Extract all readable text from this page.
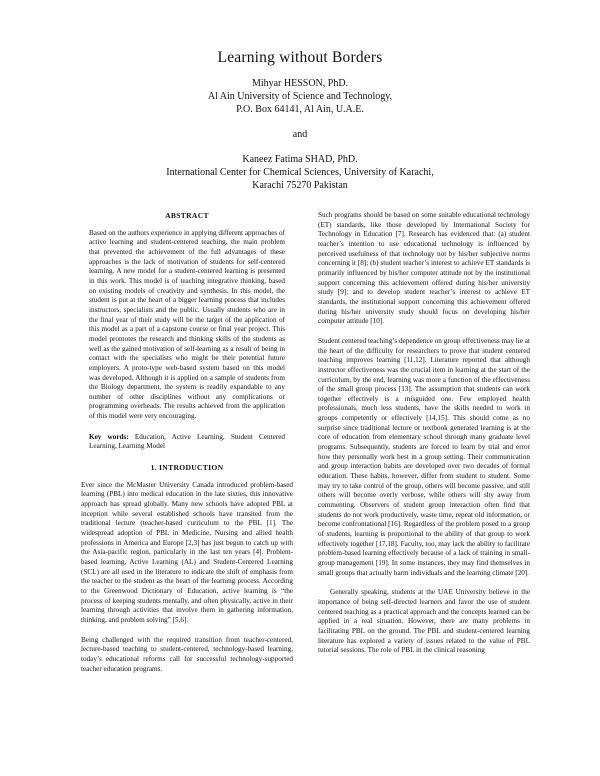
Learning without Borders
Mihyar HESSON, PhD.
Al Ain University of Science and Technology,
P.O. Box 64141, Al Ain, U.A.E.
and
Kaneez Fatima SHAD, PhD.
International Center for Chemical Sciences, University of Karachi,
Karachi 75270 Pakistan
ABSTRACT
Based on the authors experience in applying different approaches of active learning and student-centered teaching, the main problem that prevented the achievement of the full advantages of these approaches is the lack of motivation of students for self-centered learning. A new model for a student-centered learning is presented in this work. This model is of teaching integrative thinking, based on existing models of creativity and synthesis. In this model, the student is put at the heart of a bigger learning process that includes instructors, specialists and the public. Usually students who are in the final year of their study will be the target of the application of this model as a part of a capstone course or final year project. This model promotes the research and thinking skills of the students as well as the gained motivation of self-learning as a result of being in contact with the specialists who might be their potential future employers. A proto-type web-based system based on this model was developed. Although it is applied on a sample of students from the Biology department, the system is readily expandable to any number of other disciplines without any complications or programming overheads. The results achieved from the application of this model were very encouraging.
Key words: Education, Active Learning, Student Centered Learning, Learning Model
1. INTRODUCTION

Ever since the McMaster University Canada introduced problem-based learning (PBL) into medical education in the late sixties, this innovative approach has spread globally. Many new schools have adopted PBL at inception while several established schools have transited from the traditional lecture (teacher-based curriculum to the PBL [1]. The widespread adoption of PBL in Medicine, Nursing and allied health professions in America and Europe [2,3] has just begun to catch up with the Asia-pacific region, particularly in the last ten years [4]. Problem-based learning, Active Learning (AL) and Student-Centered Learning (SCL) are all used in the literature to indicate the shift of emphasis from the teacher to the student as the heart of the learning process. According to the Greenwood Dictionary of Education, active learning is “the process of keeping students mentally, and often physically, active in their learning through activities that involve them in gathering information, thinking, and problem solving” [5,6].

Being challenged with the required transition from teacher-centered, lecture-based teaching to student-centered, technology-based learning, today’s educational reforms call for successful technology-supported teacher education programs.

Such programs should be based on some suitable educational technology (ET) standards, like those developed by International Society for Technology in Education [7]. Research has evidenced that: (a) student teacher’s intention to use educational technology is influenced by perceived usefulness of that technology not by his/her subjective norms concerning it [8]; (b) student teacher’s interest to achieve ET standards is primarily influenced by his/her computer attitude not by the institutional support concerning this achievement offered during his/her university study [9]; and to develop student teacher’s interest to achieve ET standards, the institutional support concerning this achievement offered during his/her university study should focus on developing his/her computer attitude [10].

Student centered teaching’s dependence on group effectiveness may lie at the heart of the difficulty for researchers to prove that student centered teaching improves learning [11,12]. Literature reported that although instructor effectiveness was the crucial item in learning at the start of the curriculum, by the end, learning was more a function of the effectiveness of the small group process [13]. The assumption that students can work together effectively is a misguided one. Few employed health professionals, much less students, have the skills needed to work in groups competently or effectively [14,15]. This should come as no surprise since traditional lecture or textbook generated learning is at the core of education from elementary school through many graduate level programs. Subsequently, students are forced to learn by trial and error how they personally work best in a group setting. Their communication and group interaction habits are developed over two decades of formal education. These habits, however, differ from student to student. Some may try to take control of the group, others will become passive, and still others will become overly verbose, while others will shy away from commenting. Observers of student group interaction often find that students do not work productively, waste time, repeat old information, or become confrontational [16]. Regardless of the problem posed to a group of students, learning is proportional to the ability of that group to work effectively together [17,18]. Faculty, too, may lack the ability to facilitate problem-based learning effectively because of a lack of training in small-group management [19]. In some instances, they may find themselves in small groups that actually harm individuals and the learning climate [20].

Generally speaking, students at the UAE University believe in the importance of being self-directed learners and favor the use of student centered teaching as a practical approach and the concepts learned can be applied in a real situation. However, there are many problems in facilitating PBL on the ground. The PBL and student-centered learning literature has explored a variety of issues related to the value of PBL tutorial sessions. The role of PBL in the clinical reasoning
